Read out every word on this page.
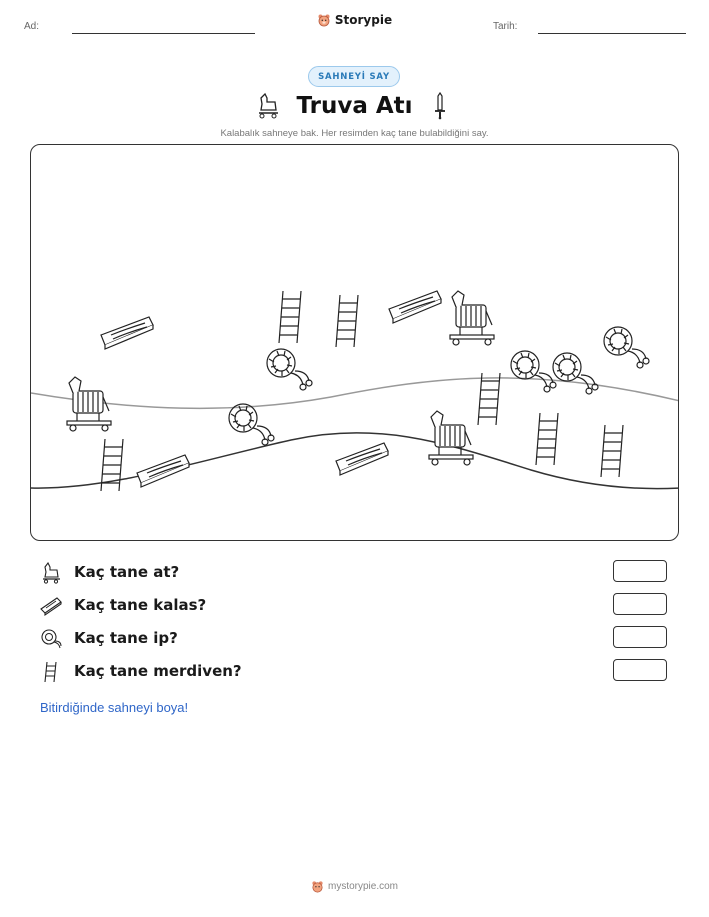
Ad:	Storypie	Tarih:
SAHNEYİ SAY
Truva Atı
Kalabalık sahneye bak. Her resimden kaç tane bulabildiğini say.
Kaç tane at?
Kaç tane kalas?
Kaç tane ip?
Kaç tane merdiven?
Bitirdiğinde sahneyi boya!
mystorypie.com
